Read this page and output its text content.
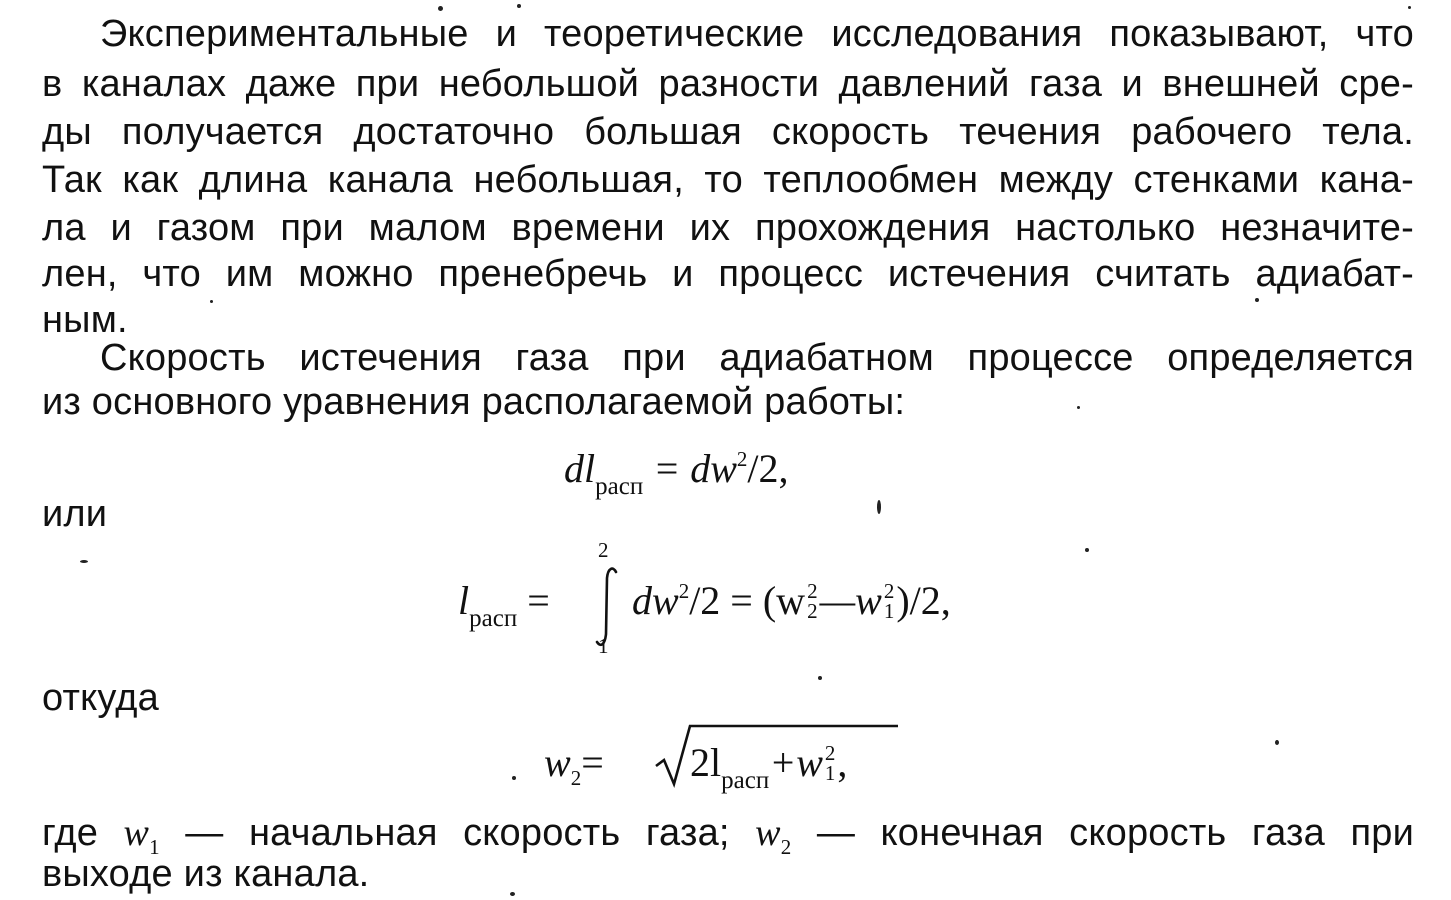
Экспериментальные и теоретические исследования показывают, что
в каналах даже при небольшой разности давлений газа и внешней сре-
ды получается достаточно большая скорость течения рабочего тела.
Так как длина канала небольшая, то теплообмен между стенками кана-
ла и газом при малом времени их прохождения настолько незначите-
лен, что им можно пренебречь и процесс истечения считать адиабат-
ным.
Скорость истечения газа при адиабатном процессе определяется
из основного уравнения располагаемой работы:
$dl_{расп} = dw^2/2$,
или
$l_{расп}$ =
2
1
$dw^2/2 = (w$ 2
2 —w 2
1 )/2,
откуда
$w_2= 2l_{расп}+w$ 2
1 ,
где $w_1$ — начальная скорость газа; $w_2$ — конечная скорость газа при
выходе из канала.
